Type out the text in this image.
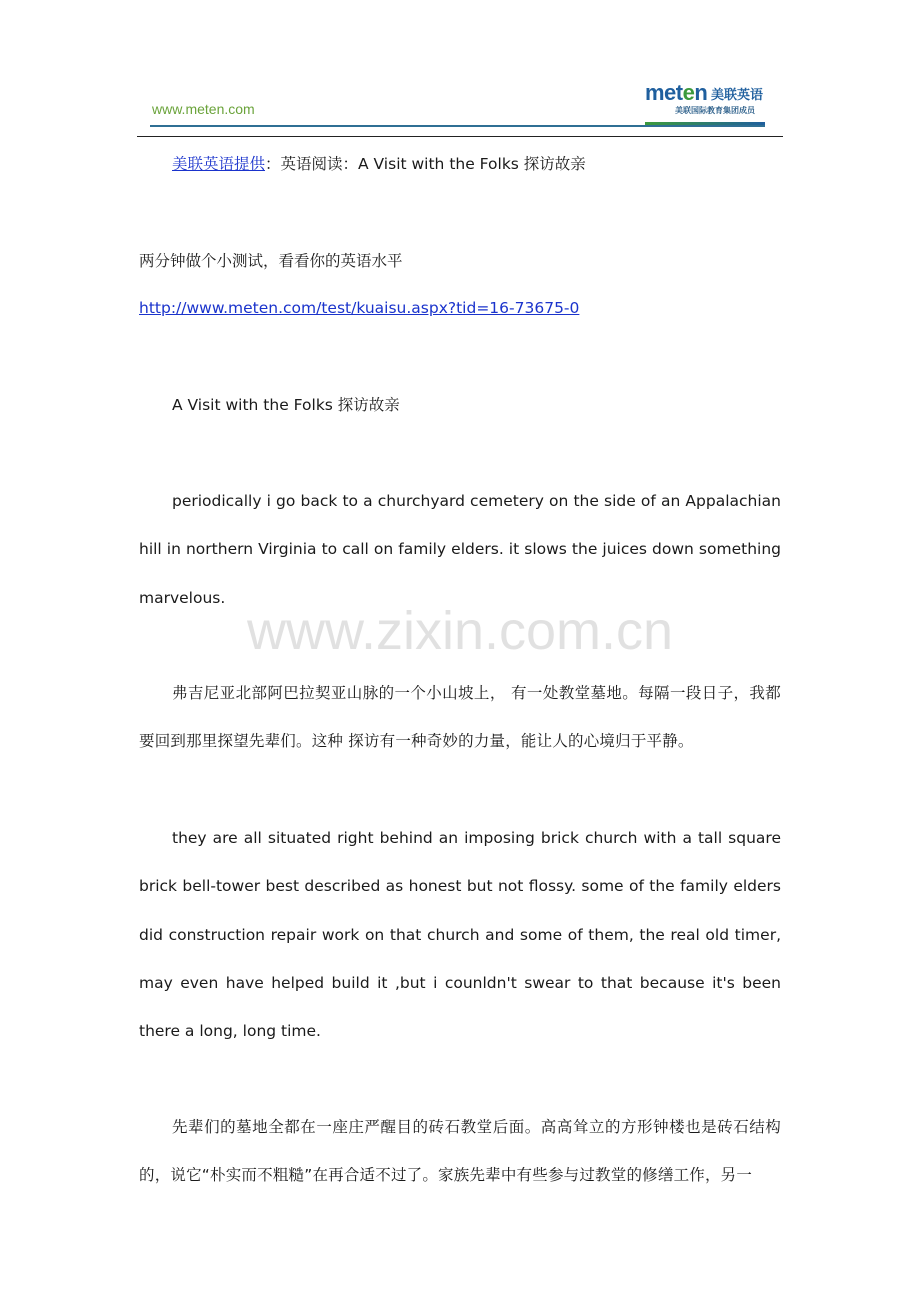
www.meten.com
meten 美联英语
美联国际教育集团成员
美联英语提供：英语阅读：A Visit with the Folks 探访故亲
两分钟做个小测试，看看你的英语水平
http://www.meten.com/test/kuaisu.aspx?tid=16-73675-0
A Visit with the Folks 探访故亲
periodically i go back to a churchyard cemetery on the side of an Appalachian hill in northern Virginia to call on family elders. it slows the juices down something marvelous.
www.zixin.com.cn
弗吉尼亚北部阿巴拉契亚山脉的一个小山坡上， 有一处教堂墓地。每隔一段日子，我都要回到那里探望先辈们。这种 探访有一种奇妙的力量，能让人的心境归于平静。
they are all situated right behind an imposing brick church with a tall square brick bell-tower best described as honest but not flossy. some of the family elders did construction repair work on that church and some of them, the real old timer, may even have helped build it ,but i counldn't swear to that because it's been there a long, long time.
先辈们的墓地全都在一座庄严醒目的砖石教堂后面。高高耸立的方形钟楼也是砖石结构的，说它“朴实而不粗糙”在再合适不过了。家族先辈中有些参与过教堂的修缮工作，另一
